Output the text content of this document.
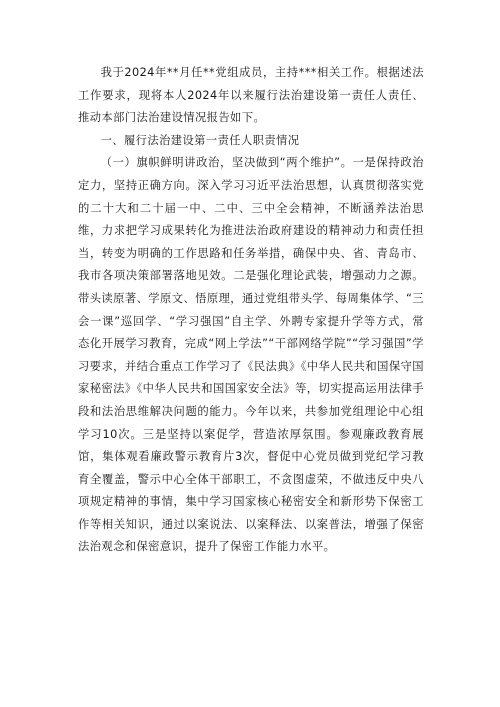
我于2024年**月任**党组成员，主持***相关工作。根据述法工作要求，现将本人2024年以来履行法治建设第一责任人责任、推动本部门法治建设情况报告如下。

一、履行法治建设第一责任人职责情况

（一）旗帜鲜明讲政治，坚决做到“两个维护”。一是保持政治定力，坚持正确方向。深入学习习近平法治思想，认真贯彻落实党的二十大和二十届一中、二中、三中全会精神，不断涵养法治思维，力求把学习成果转化为推进法治政府建设的精神动力和责任担当，转变为明确的工作思路和任务举措，确保中央、省、青岛市、我市各项决策部署落地见效。二是强化理论武装，增强动力之源。带头读原著、学原文、悟原理，通过党组带头学、每周集体学、“三会一课”巡回学、“学习强国”自主学、外聘专家提升学等方式，常态化开展学习教育，完成“网上学法”“干部网络学院”“学习强国”学习要求，并结合重点工作学习了《民法典》《中华人民共和国保守国家秘密法》《中华人民共和国国家安全法》等，切实提高运用法律手段和法治思维解决问题的能力。今年以来，共参加党组理论中心组学习10次。三是坚持以案促学，营造浓厚氛围。参观廉政教育展馆，集体观看廉政警示教育片3次，督促中心党员做到党纪学习教育全覆盖，警示中心全体干部职工，不贪图虚荣，不做违反中央八项规定精神的事情，集中学习国家核心秘密安全和新形势下保密工作等相关知识，通过以案说法、以案释法、以案普法，增强了保密法治观念和保密意识，提升了保密工作能力水平。
